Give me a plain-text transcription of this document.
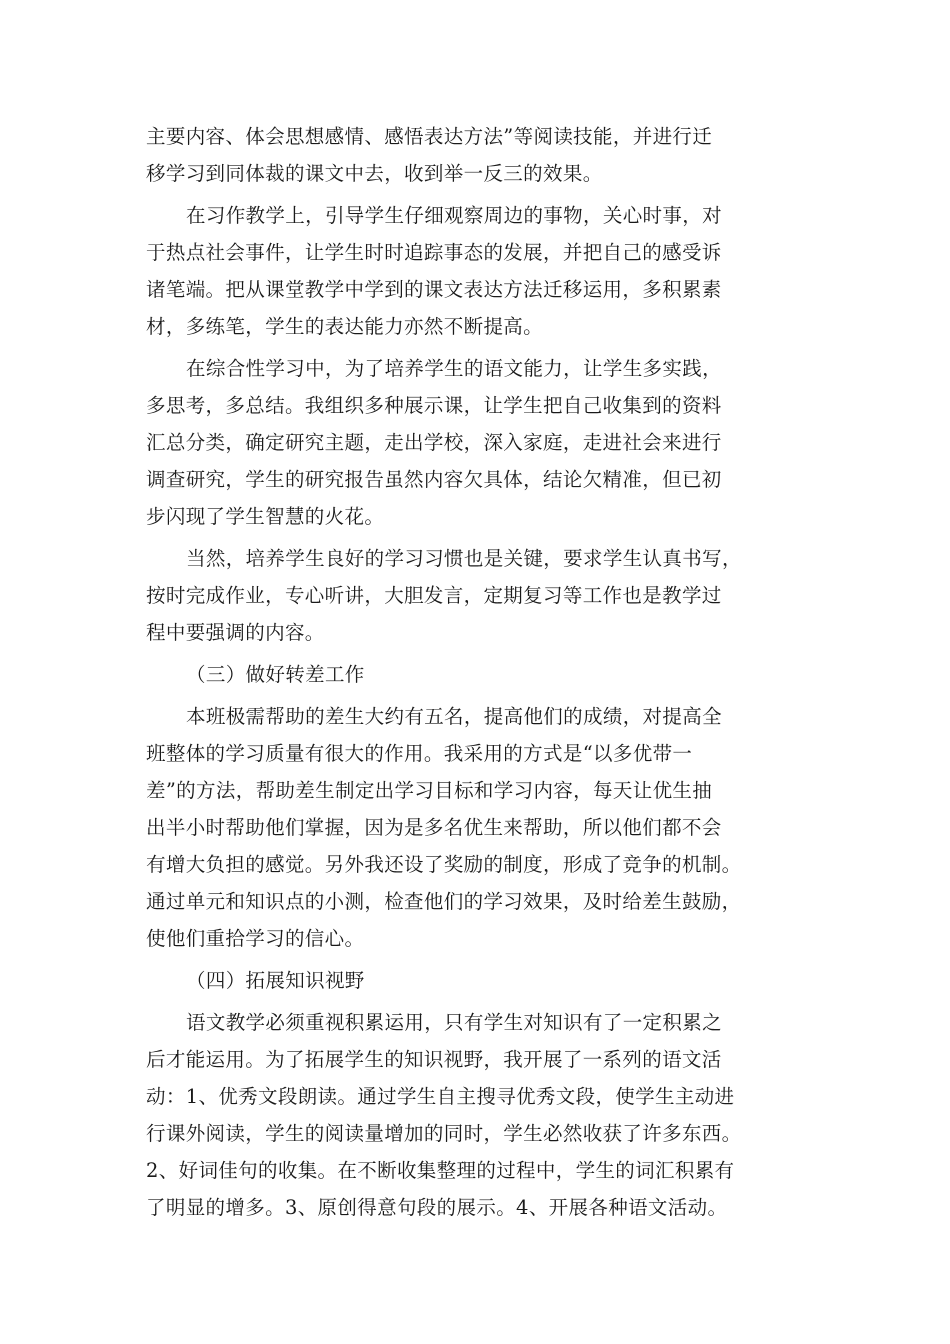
主要内容、体会思想感情、感悟表达方法”等阅读技能，并进行迁
移学习到同体裁的课文中去，收到举一反三的效果。
在习作教学上，引导学生仔细观察周边的事物，关心时事，对
于热点社会事件，让学生时时追踪事态的发展，并把自己的感受诉
诸笔端。把从课堂教学中学到的课文表达方法迁移运用，多积累素
材，多练笔，学生的表达能力亦然不断提高。
在综合性学习中，为了培养学生的语文能力，让学生多实践，
多思考，多总结。我组织多种展示课，让学生把自己收集到的资料
汇总分类，确定研究主题，走出学校，深入家庭，走进社会来进行
调查研究，学生的研究报告虽然内容欠具体，结论欠精准，但已初
步闪现了学生智慧的火花。
当然，培养学生良好的学习习惯也是关键，要求学生认真书写，
按时完成作业，专心听讲，大胆发言，定期复习等工作也是教学过
程中要强调的内容。
（三）做好转差工作
本班极需帮助的差生大约有五名，提高他们的成绩，对提高全
班整体的学习质量有很大的作用。我采用的方式是“以多优带一
差”的方法，帮助差生制定出学习目标和学习内容，每天让优生抽
出半小时帮助他们掌握，因为是多名优生来帮助，所以他们都不会
有增大负担的感觉。另外我还设了奖励的制度，形成了竞争的机制。
通过单元和知识点的小测，检查他们的学习效果，及时给差生鼓励，
使他们重拾学习的信心。
（四）拓展知识视野
语文教学必须重视积累运用，只有学生对知识有了一定积累之
后才能运用。为了拓展学生的知识视野，我开展了一系列的语文活
动：1、优秀文段朗读。通过学生自主搜寻优秀文段，使学生主动进
行课外阅读，学生的阅读量增加的同时，学生必然收获了许多东西。
2、好词佳句的收集。在不断收集整理的过程中，学生的词汇积累有
了明显的增多。3、原创得意句段的展示。4、开展各种语文活动。
